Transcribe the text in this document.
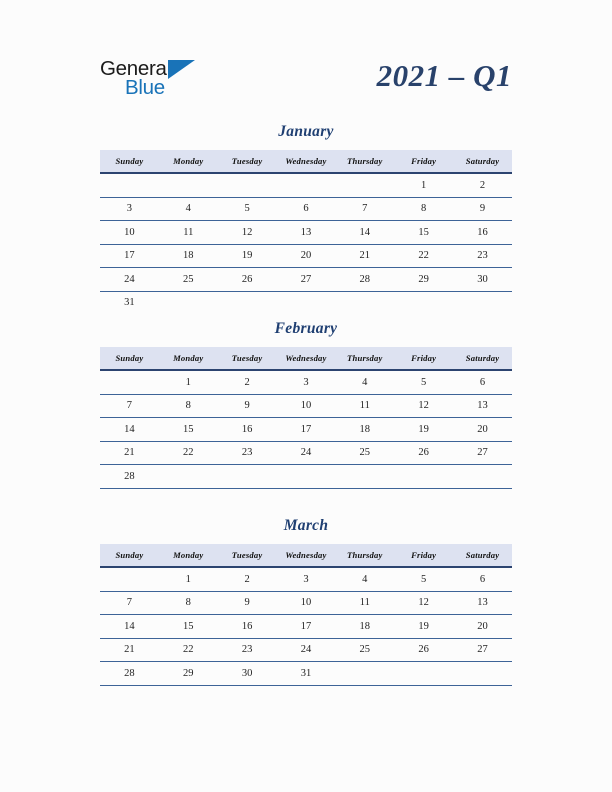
General
Blue	2021 – Q1
January
Sunday	Monday	Tuesday	Wednesday	Thursday	Friday	Saturday
					1	2
3	4	5	6	7	8	9
10	11	12	13	14	15	16
17	18	19	20	21	22	23
24	25	26	27	28	29	30
31						
February
Sunday	Monday	Tuesday	Wednesday	Thursday	Friday	Saturday
	1	2	3	4	5	6
7	8	9	10	11	12	13
14	15	16	17	18	19	20
21	22	23	24	25	26	27
28						
March
Sunday	Monday	Tuesday	Wednesday	Thursday	Friday	Saturday
	1	2	3	4	5	6
7	8	9	10	11	12	13
14	15	16	17	18	19	20
21	22	23	24	25	26	27
28	29	30	31			
